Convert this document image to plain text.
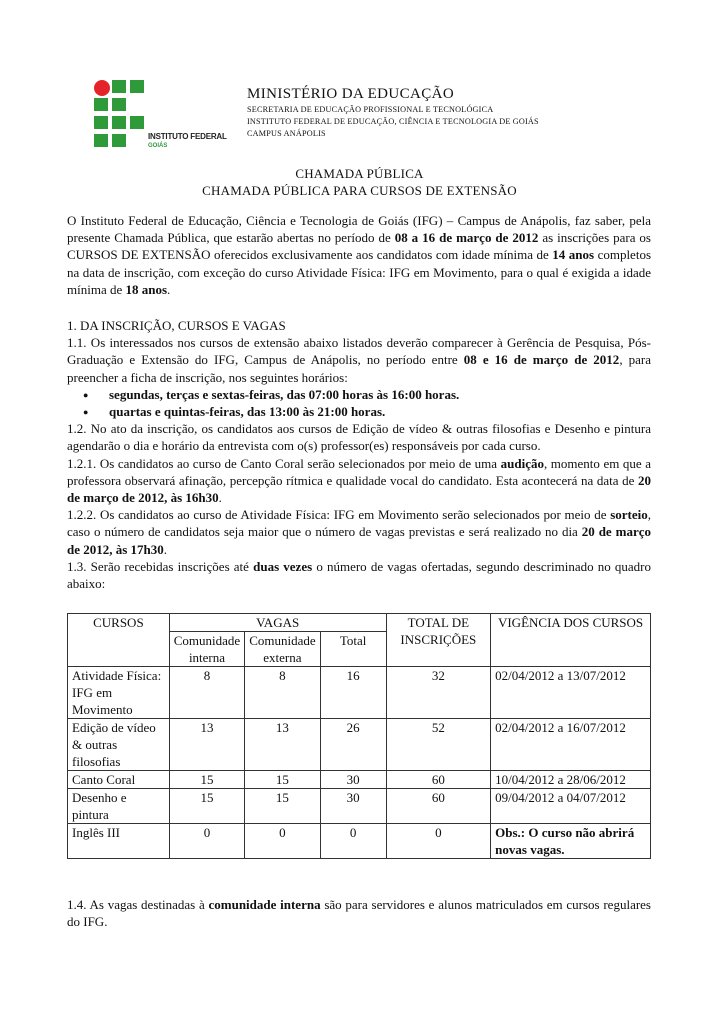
INSTITUTO FEDERAL
GOIÁS
MINISTÉRIO DA EDUCAÇÃO
SECRETARIA DE EDUCAÇÃO PROFISSIONAL E TECNOLÓGICA
INSTITUTO FEDERAL DE EDUCAÇÃO, CIÊNCIA E TECNOLOGIA DE GOIÁS
CAMPUS ANÁPOLIS
CHAMADA PÚBLICA
CHAMADA PÚBLICA PARA CURSOS DE EXTENSÃO

O Instituto Federal de Educação, Ciência e Tecnologia de Goiás (IFG) – Campus de Anápolis, faz saber, pela presente Chamada Pública, que estarão abertas no período de 08 a 16 de março de 2012 as inscrições para os CURSOS DE EXTENSÃO oferecidos exclusivamente aos candidatos com idade mínima de 14 anos completos na data de inscrição, com exceção do curso Atividade Física: IFG em Movimento, para o qual é exigida a idade mínima de 18 anos.

1. DA INSCRIÇÃO, CURSOS E VAGAS

1.1. Os interessados nos cursos de extensão abaixo listados deverão comparecer à Gerência de Pesquisa, Pós-Graduação e Extensão do IFG, Campus de Anápolis, no período entre 08 e 16 de março de 2012, para preencher a ficha de inscrição, nos seguintes horários:

● segundas, terças e sextas-feiras, das 07:00 horas às 16:00 horas.
● quartas e quintas-feiras, das 13:00 às 21:00 horas.

1.2. No ato da inscrição, os candidatos aos cursos de Edição de vídeo & outras filosofias e Desenho e pintura agendarão o dia e horário da entrevista com o(s) professor(es) responsáveis por cada curso.

1.2.1. Os candidatos ao curso de Canto Coral serão selecionados por meio de uma audição, momento em que a professora observará afinação, percepção rítmica e qualidade vocal do candidato. Esta acontecerá na data de 20 de março de 2012, às 16h30.

1.2.2. Os candidatos ao curso de Atividade Física: IFG em Movimento serão selecionados por meio de sorteio, caso o número de candidatos seja maior que o número de vagas previstas e será realizado no dia 20 de março de 2012, às 17h30.

1.3. Serão recebidas inscrições até duas vezes o número de vagas ofertadas, segundo descriminado no quadro abaixo:

CURSOS	VAGAS			TOTAL DE INSCRIÇÕES	VIGÊNCIA DOS CURSOS
	Comunidade interna	Comunidade externa	Total		
Atividade Física: IFG em Movimento	8	8	16	32	02/04/2012 a 13/07/2012
Edição de vídeo & outras filosofias	13	13	26	52	02/04/2012 a 16/07/2012
Canto Coral	15	15	30	60	10/04/2012 a 28/06/2012
Desenho e pintura	15	15	30	60	09/04/2012 a 04/07/2012
Inglês III	0	0	0	0	Obs.: O curso não abrirá novas vagas.
1.4. As vagas destinadas à comunidade interna são para servidores e alunos matriculados em cursos regulares do IFG.
